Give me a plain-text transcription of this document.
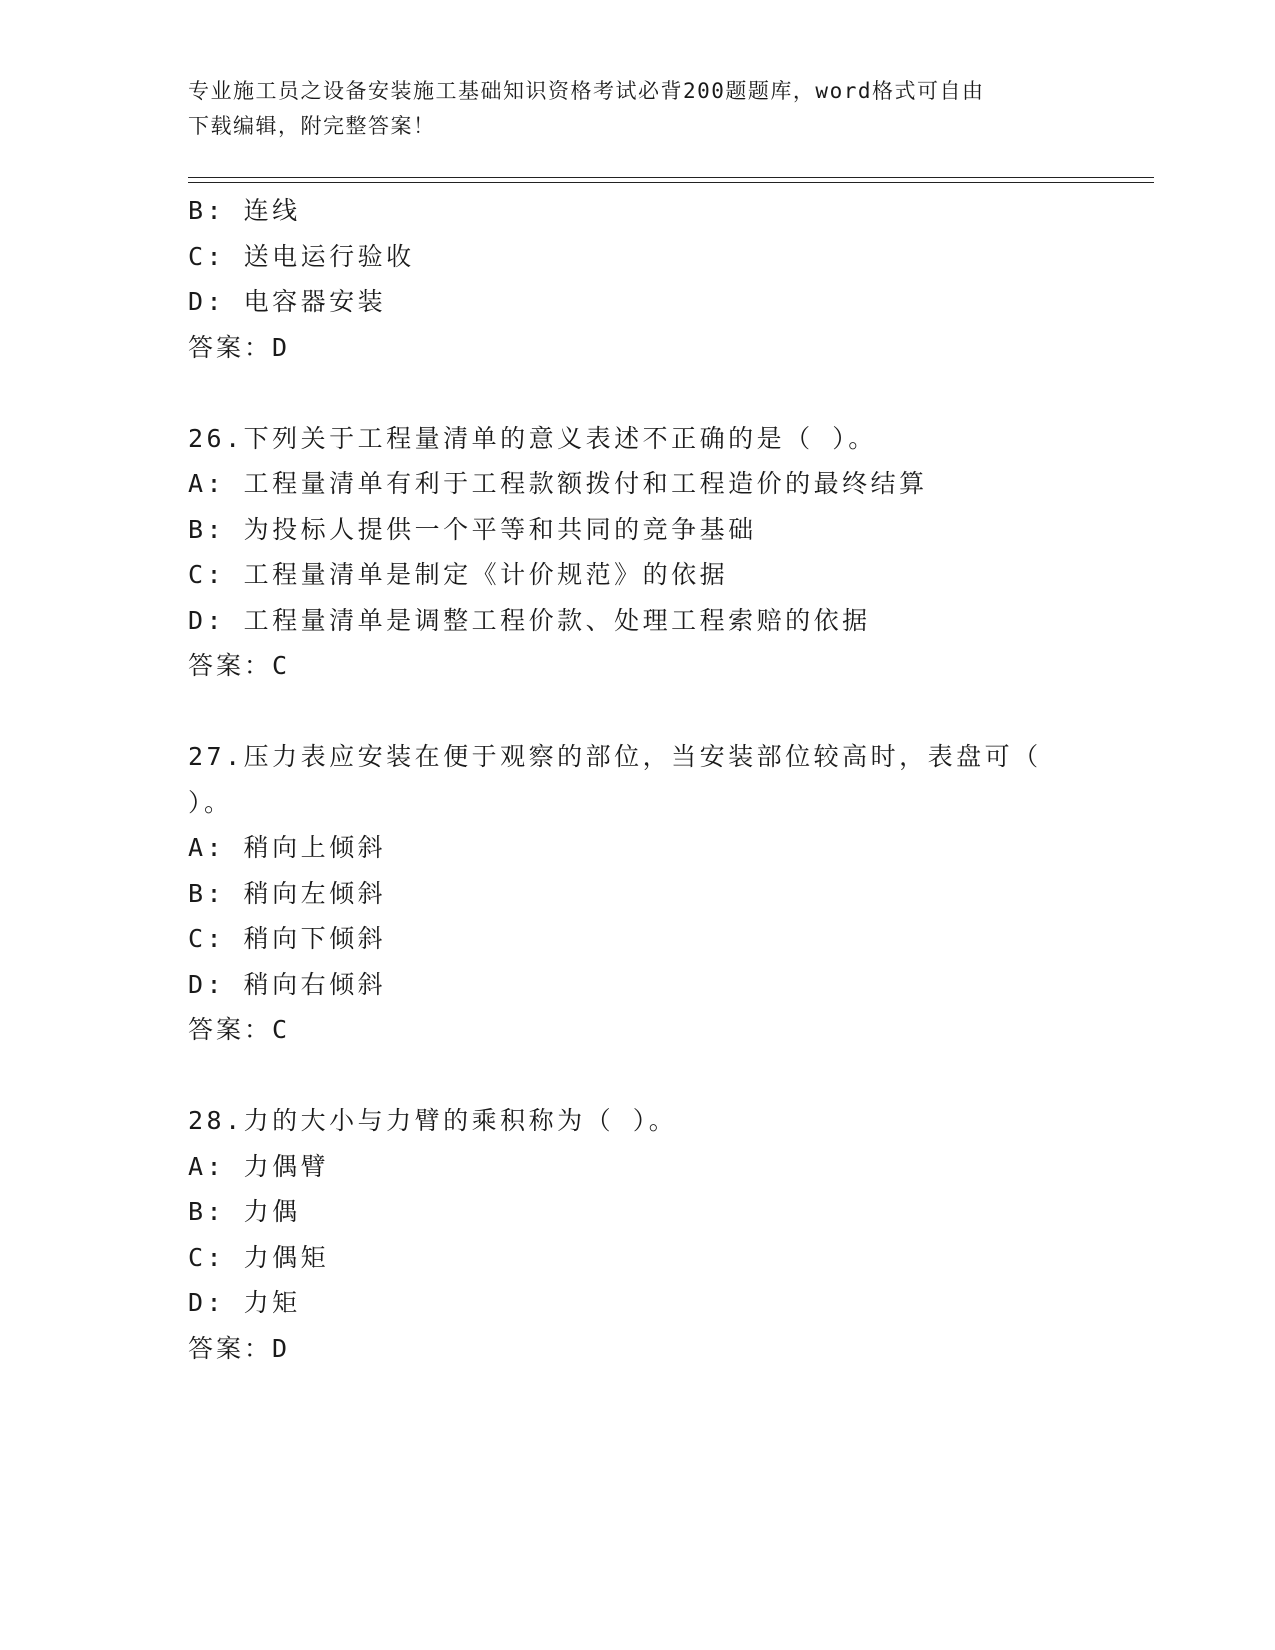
专业施工员之设备安装施工基础知识资格考试必背200题题库，word格式可自由
下载编辑，附完整答案！
B: 连线
C: 送电运行验收
D: 电容器安装
答案：D
26.下列关于工程量清单的意义表述不正确的是（ ）。
A: 工程量清单有利于工程款额拨付和工程造价的最终结算
B: 为投标人提供一个平等和共同的竞争基础
C: 工程量清单是制定《计价规范》的依据
D: 工程量清单是调整工程价款、处理工程索赔的依据
答案：C
27.压力表应安装在便于观察的部位，当安装部位较高时，表盘可（
）。
A: 稍向上倾斜
B: 稍向左倾斜
C: 稍向下倾斜
D: 稍向右倾斜
答案：C
28.力的大小与力臂的乘积称为（ ）。
A: 力偶臂
B: 力偶
C: 力偶矩
D: 力矩
答案：D
